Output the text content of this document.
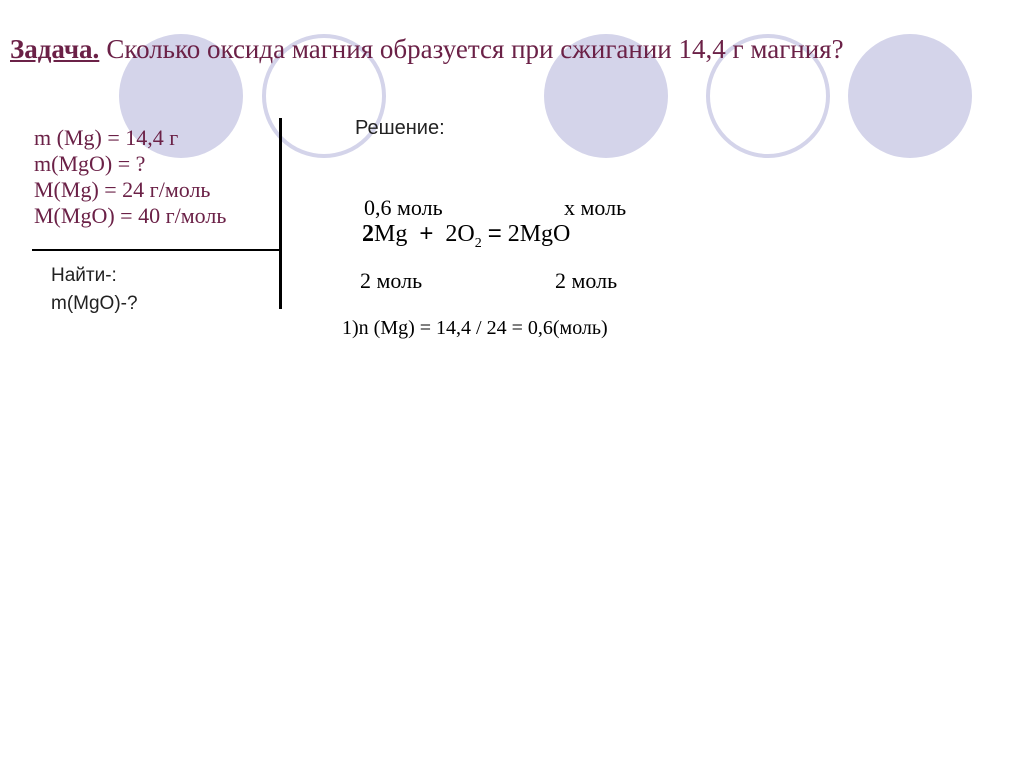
Задача. Сколько оксида магния образуется при сжигании 14,4 г магния?
m (Mg) = 14,4 г
m(MgO) = ?
M(Mg) = 24 г/моль
M(MgO) = 40 г/моль
Найти-:
m(MgO)-?
Решение:
0,6 моль	х моль
$2Mg + 2O_2 = 2MgO$
2 моль	2 моль
1)n (Mg) = 14,4 / 24 = 0,6(моль)
